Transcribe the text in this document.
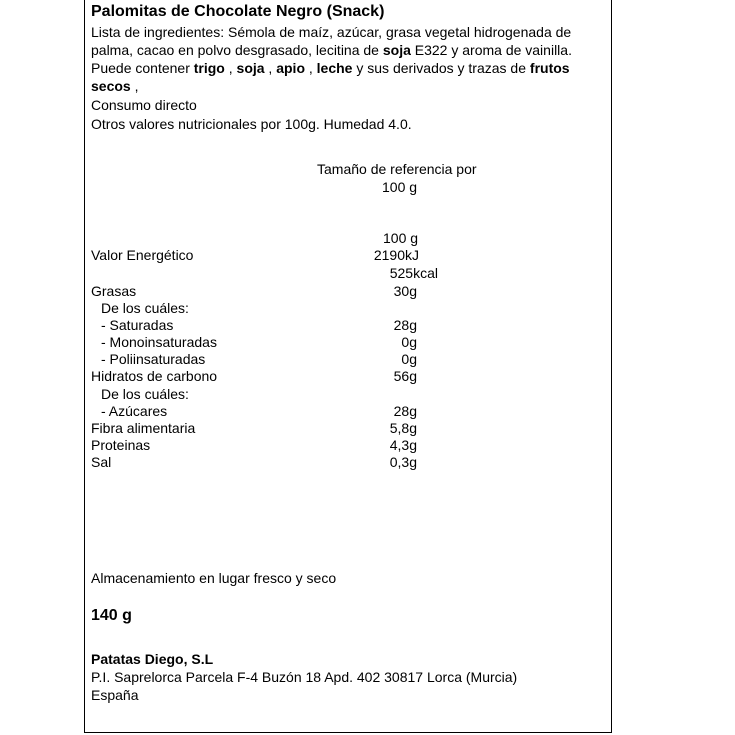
Palomitas de Chocolate Negro (Snack)
Lista de ingredientes: Sémola de maíz, azúcar, grasa vegetal hidrogenada de
palma, cacao en polvo desgrasado, lecitina de soja E322 y aroma de vainilla.
Puede contener trigo , soja , apio , leche y sus derivados y trazas de frutos
secos ,
Consumo directo
Otros valores nutricionales por 100g. Humedad 4.0.
Tamaño de referencia por
100 g
100 g
Valor Energético	2190kJ
525kcal
Grasas	30g
De los cuáles:
- Saturadas	28g
- Monoinsaturadas	0g
- Poliinsaturadas	0g
Hidratos de carbono	56g
De los cuáles:
- Azúcares	28g
Fibra alimentaria	5,8g
Proteinas	4,3g
Sal	0,3g
Almacenamiento en lugar fresco y seco
140 g
Patatas Diego, S.L
P.I. Saprelorca Parcela F-4 Buzón 18 Apd. 402 30817 Lorca (Murcia)
España
